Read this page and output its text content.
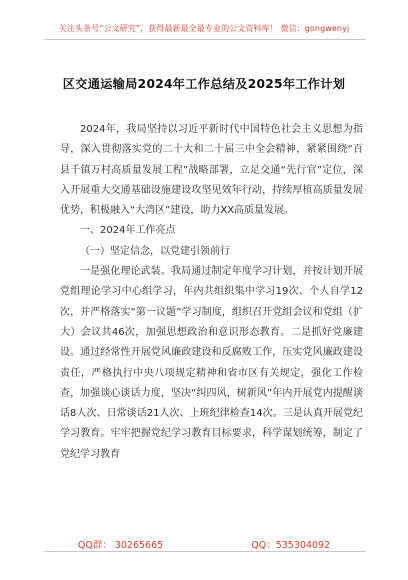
关注头条号“公文研究”，获得最新最全最专业的公文资料库！ 微信：gongwenyj
区交通运输局2024年工作总结及2025年工作计划

2024年，我局坚持以习近平新时代中国特色社会主义思想为指导，深入贯彻落实党的二十大和二十届三中全会精神，紧紧围绕“百县千镇万村高质量发展工程”战略部署，立足交通“先行官”定位，深入开展重大交通基础设施建设攻坚见效年行动，持续厚植高质量发展优势，积极融入“大湾区”建设，助力XX高质量发展。

一、2024年工作亮点

（一）坚定信念，以党建引领前行

一是强化理论武装。我局通过制定年度学习计划，并按计划开展党组理论学习中心组学习，年内共组织集中学习19次、个人自学12次，并严格落实“第一议题”学习制度，组织召开党组会议和党组（扩大）会议共46次，加强思想政治和意识形态教育。二是抓好党廉建设。通过经常性开展党风廉政建设和反腐败工作，压实党风廉政建设责任，严格执行中央八项规定精神和省市区有关规定，强化工作检查，加强谈心谈话力度，坚决“纠四风，树新风”年内开展党内提醒谈话8人次、日常谈话21人次、上班纪律检查14次。三是认真开展党纪学习教育。牢牢把握党纪学习教育目标要求，科学谋划统筹，制定了党纪学习教育

QQ群： 30265665	QQ：535304092
